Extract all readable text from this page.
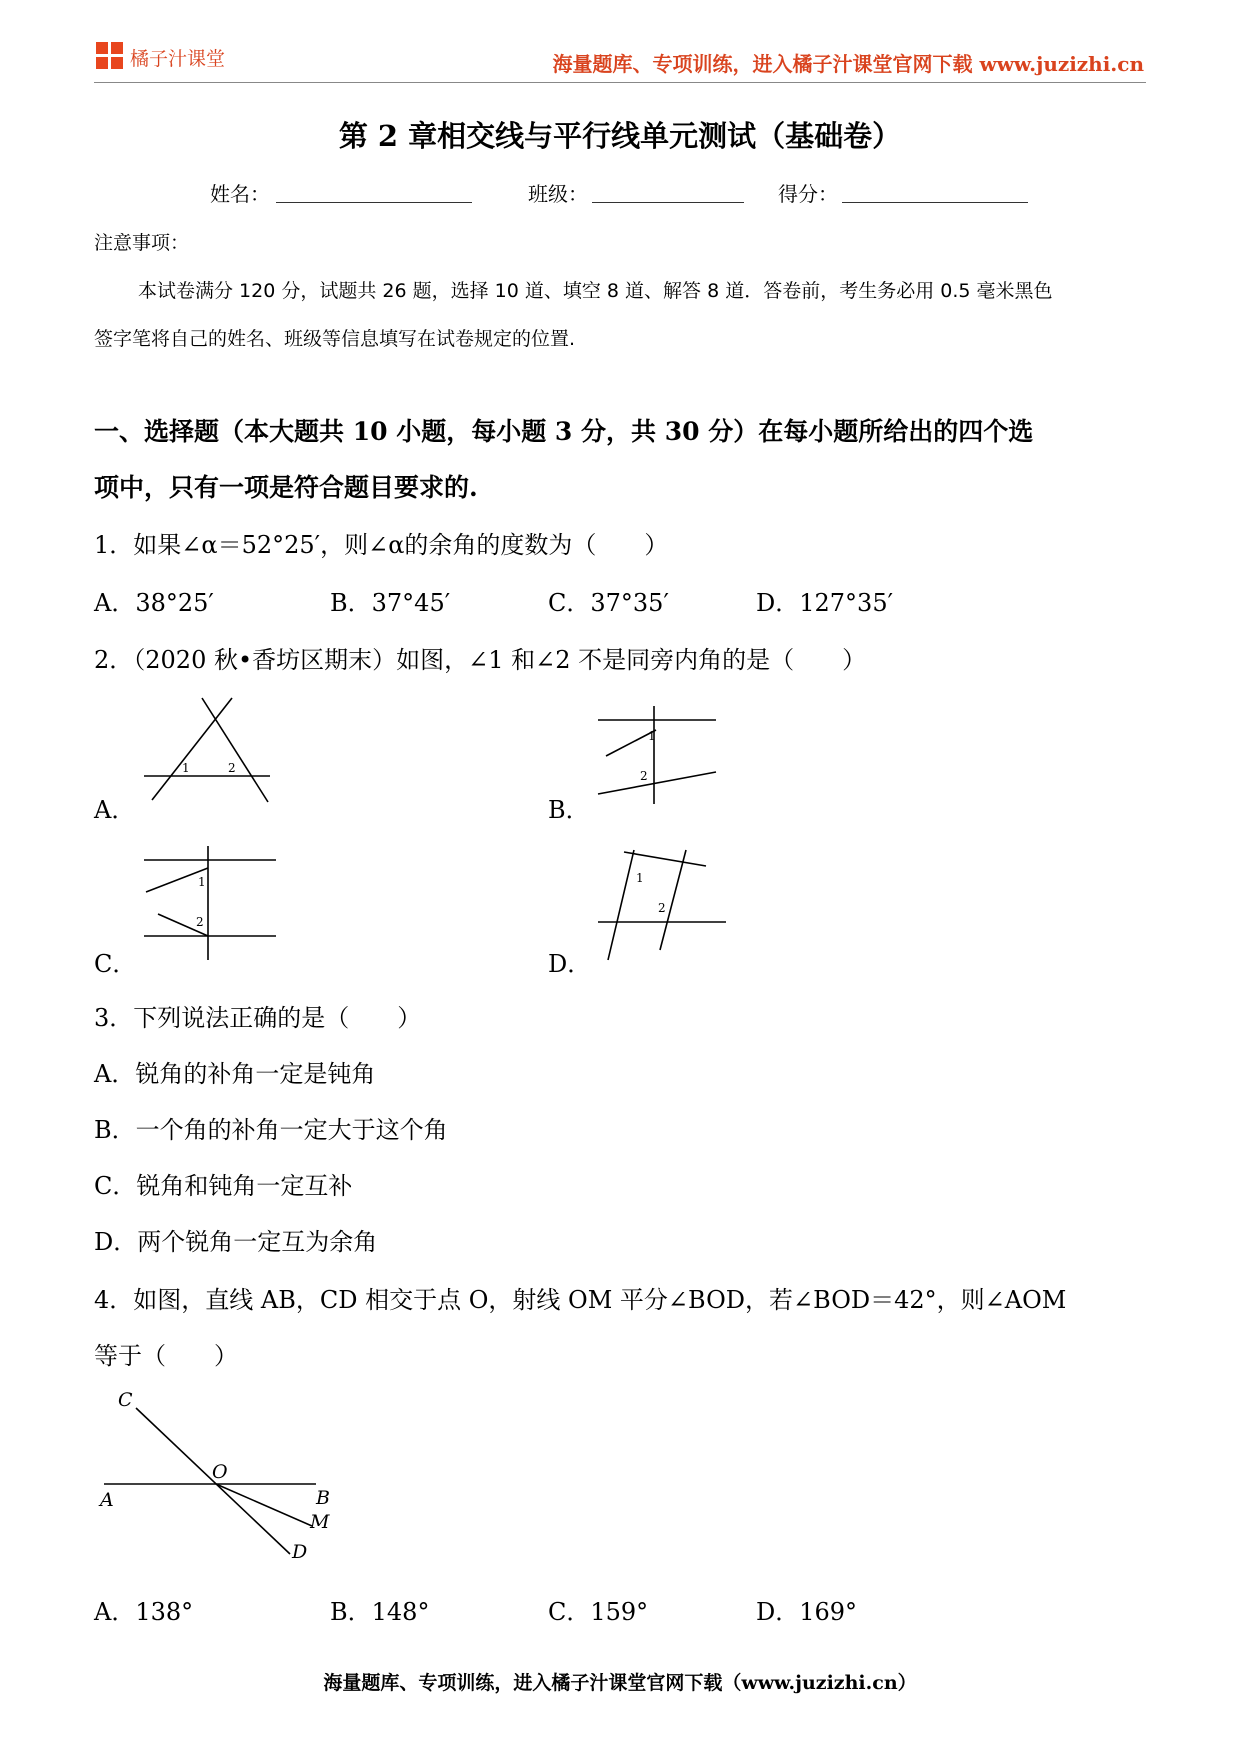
橘子汁课堂	海量题库、专项训练，进入橘子汁课堂官网下载 www.juzizhi.cn
第 2 章相交线与平行线单元测试（基础卷）
姓名：	班级：	得分：
注意事项：
本试卷满分 120 分，试题共 26 题，选择 10 道、填空 8 道、解答 8 道．答卷前，考生务必用 0.5 毫米黑色
签字笔将自己的姓名、班级等信息填写在试卷规定的位置.
一、选择题（本大题共 10 小题，每小题 3 分，共 30 分）在每小题所给出的四个选
项中，只有一项是符合题目要求的.
1．如果∠α＝52°25′，则∠α的余角的度数为（　　）
A．38°25′	B．37°45′	C．37°35′	D．127°35′
2．（2020 秋•香坊区期末）如图，∠1 和∠2 不是同旁内角的是（　　）
1	2
A．
1
2
B．
1
2
C．
1
2
D．
3．下列说法正确的是（　　）
A．锐角的补角一定是钝角
B．一个角的补角一定大于这个角
C．锐角和钝角一定互补
D．两个锐角一定互为余角
4．如图，直线 AB，CD 相交于点 O，射线 OM 平分∠BOD，若∠BOD＝42°，则∠AOM
等于（　　）
C
O
A	B
M
D
A．138°	B．148°	C．159°	D．169°
海量题库、专项训练，进入橘子汁课堂官网下载（www.juzizhi.cn）
